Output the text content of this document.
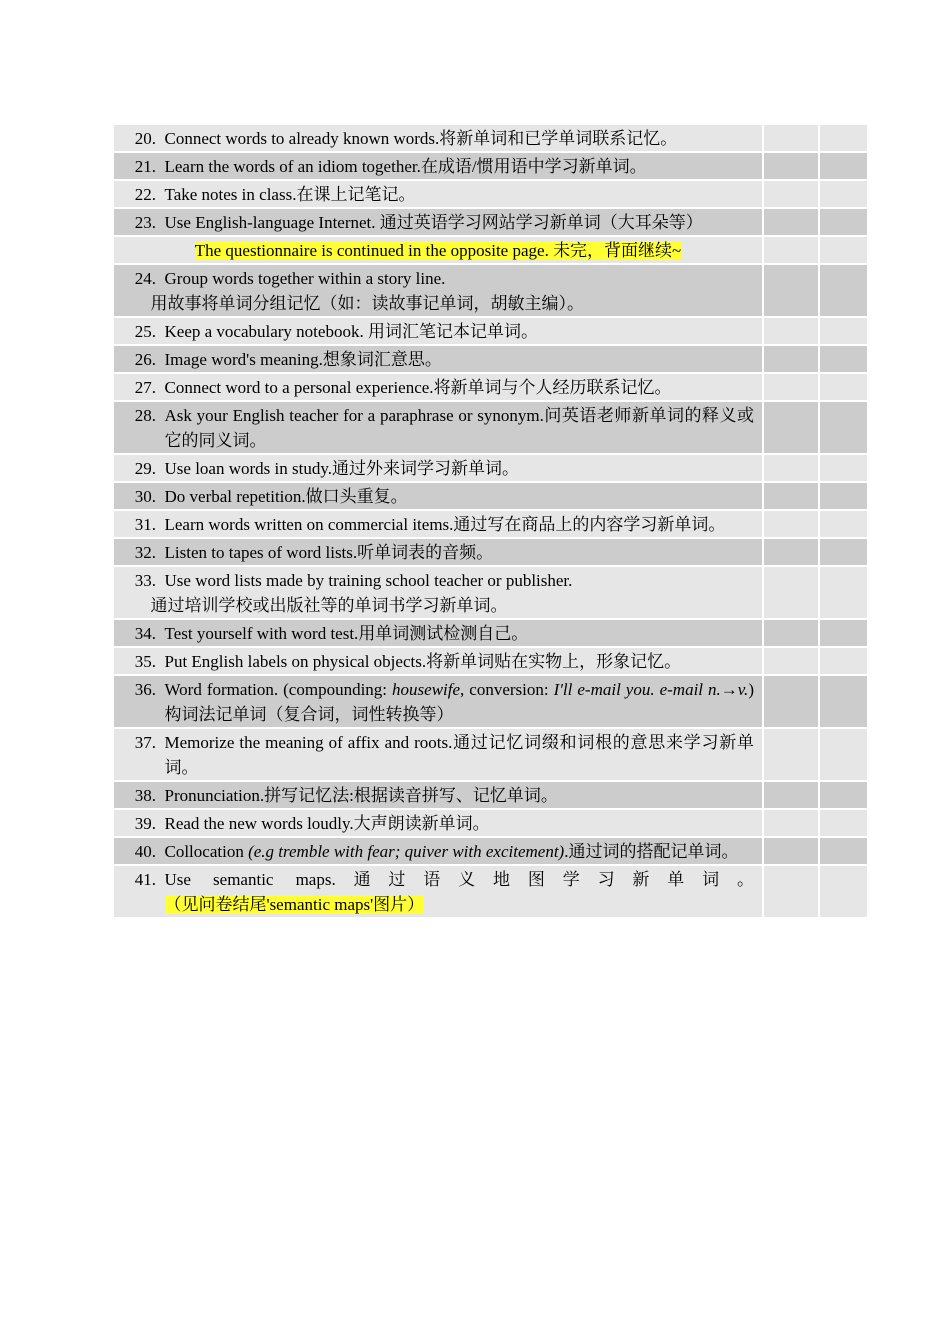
20.
Connect words to already known words.将新单词和已学单词联系记忆。		

21.
Learn the words of an idiom together.在成语/惯用语中学习新单词。		

22.
Take notes in class.在课上记笔记。		

23.
Use English-language Internet. 通过英语学习网站学习新单词（大耳朵等）		

The questionnaire is continued in the opposite page. 未完，背面继续~		

24.
Group words together within a story line.
用故事将单词分组记忆（如：读故事记单词，胡敏主编）。		

25.
Keep a vocabulary notebook. 用词汇笔记本记单词。		

26.
Image word's meaning.想象词汇意思。		

27.
Connect word to a personal experience.将新单词与个人经历联系记忆。		

28.
Ask your English teacher for a paraphrase or synonym.问英语老师新单词的释义或它的同义词。		

29.
Use loan words in study.通过外来词学习新单词。		

30.
Do verbal repetition.做口头重复。		

31.
Learn words written on commercial items.通过写在商品上的内容学习新单词。		

32.
Listen to tapes of word lists.听单词表的音频。		

33.
Use word lists made by training school teacher or publisher.
通过培训学校或出版社等的单词书学习新单词。		

34.
Test yourself with word test.用单词测试检测自己。		

35.
Put English labels on physical objects.将新单词贴在实物上，形象记忆。		

36.
Word formation. (compounding: housewife, conversion: I'll e-mail you. e-mail n.→v.) 构词法记单词（复合词，词性转换等）		

37.
Memorize the meaning of affix and roots.通过记忆词缀和词根的意思来学习新单词。		

38.
Pronunciation.拼写记忆法:根据读音拼写、记忆单词。		

39.
Read the new words loudly.大声朗读新单词。		

40.
Collocation (e.g tremble with fear; quiver with excitement).通过词的搭配记单词。		

41.
Use semantic maps.通过语义地图学习新单词。（见问卷结尾'semantic maps'图片）		
